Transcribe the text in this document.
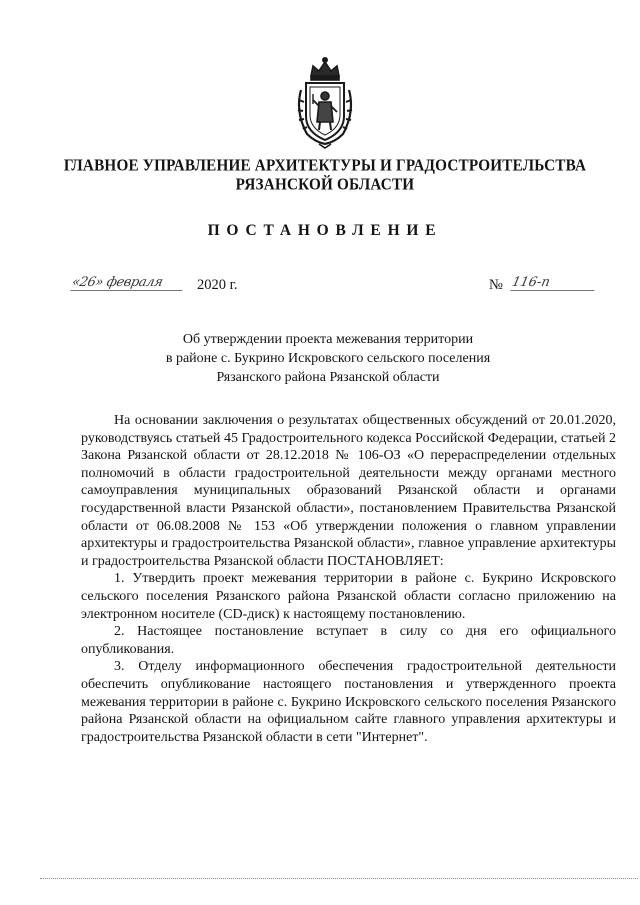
ГЛАВНОЕ УПРАВЛЕНИЕ АРХИТЕКТУРЫ И ГРАДОСТРОИТЕЛЬСТВА
РЯЗАНСКОЙ ОБЛАСТИ
ПОСТАНОВЛЕНИЕ
«26» февраля	2020 г.	№ 116-п
Об утверждении проекта межевания территории
в районе с. Букрино Искровского сельского поселения
Рязанского района Рязанской области

На основании заключения о результатах общественных обсуждений от 20.01.2020, руководствуясь статьей 45 Градостроительного кодекса Российской Федерации, статьей 2 Закона Рязанской области от 28.12.2018 № 106-ОЗ «О перераспределении отдельных полномочий в области градостроительной деятельности между органами местного самоуправления муниципальных образований Рязанской области и органами государственной власти Рязанской области», постановлением Правительства Рязанской области от 06.08.2008 № 153 «Об утверждении положения о главном управлении архитектуры и градостроительства Рязанской области», главное управление архитектуры и градостроительства Рязанской области ПОСТАНОВЛЯЕТ:

1. Утвердить проект межевания территории в районе с. Букрино Искровского сельского поселения Рязанского района Рязанской области согласно приложению на электронном носителе (CD-диск) к настоящему постановлению.

2. Настоящее постановление вступает в силу со дня его официального опубликования.

3. Отделу информационного обеспечения градостроительной деятельности обеспечить опубликование настоящего постановления и утвержденного проекта межевания территории в районе с. Букрино Искровского сельского поселения Рязанского района Рязанской области на официальном сайте главного управления архитектуры и градостроительства Рязанской области в сети "Интернет".
